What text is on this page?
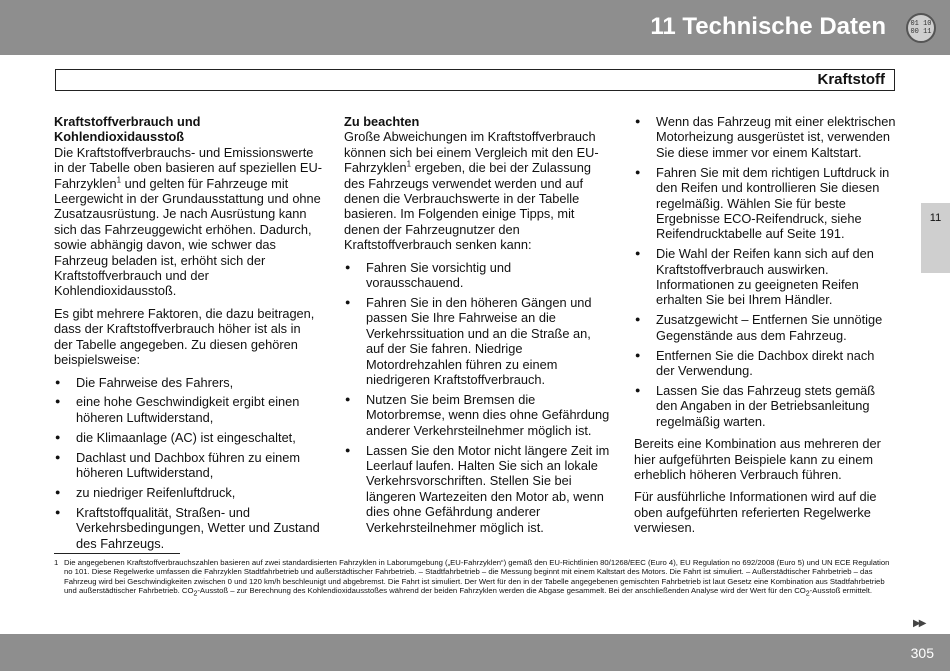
11 Technische Daten	01 10
00 11
Kraftstoff
11
Kraftstoffverbrauch und Kohlendioxidausstoß

Die Kraftstoffverbrauchs- und Emissionswerte in der Tabelle oben basieren auf speziellen EU-Fahrzyklen$^1$ und gelten für Fahrzeuge mit Leergewicht in der Grundausstattung und ohne Zusatzausrüstung. Je nach Ausrüstung kann sich das Fahrzeuggewicht erhöhen. Dadurch, sowie abhängig davon, wie schwer das Fahrzeug beladen ist, erhöht sich der Kraftstoffverbrauch und der Kohlendioxidausstoß.

Es gibt mehrere Faktoren, die dazu beitragen, dass der Kraftstoffverbrauch höher ist als in der Tabelle angegeben. Zu diesen gehören beispielsweise:

● Die Fahrweise des Fahrers,
● eine hohe Geschwindigkeit ergibt einen höheren Luftwiderstand,
● die Klimaanlage (AC) ist eingeschaltet,
● Dachlast und Dachbox führen zu einem höheren Luftwiderstand,
● zu niedriger Reifenluftdruck,
● Kraftstoffqualität, Straßen- und Verkehrsbedingungen, Wetter und Zustand des Fahrzeugs.
Zu beachten

Große Abweichungen im Kraftstoffverbrauch können sich bei einem Vergleich mit den EU-Fahrzyklen$^1$ ergeben, die bei der Zulassung des Fahrzeugs verwendet werden und auf denen die Verbrauchswerte in der Tabelle basieren. Im Folgenden einige Tipps, mit denen der Fahrzeugnutzer den Kraftstoffverbrauch senken kann:

● Fahren Sie vorsichtig und vorausschauend.
● Fahren Sie in den höheren Gängen und passen Sie Ihre Fahrweise an die Verkehrssituation und an die Straße an, auf der Sie fahren. Niedrige Motordrehzahlen führen zu einem niedrigeren Kraftstoffverbrauch.
● Nutzen Sie beim Bremsen die Motorbremse, wenn dies ohne Gefährdung anderer Verkehrsteilnehmer möglich ist.
● Lassen Sie den Motor nicht längere Zeit im Leerlauf laufen. Halten Sie sich an lokale Verkehrsvorschriften. Stellen Sie bei längeren Wartezeiten den Motor ab, wenn dies ohne Gefährdung anderer Verkehrsteilnehmer möglich ist.
● Wenn das Fahrzeug mit einer elektrischen Motorheizung ausgerüstet ist, verwenden Sie diese immer vor einem Kaltstart.
● Fahren Sie mit dem richtigen Luftdruck in den Reifen und kontrollieren Sie diesen regelmäßig. Wählen Sie für beste Ergebnisse ECO-Reifendruck, siehe Reifendrucktabelle auf Seite 191.
● Die Wahl der Reifen kann sich auf den Kraftstoffverbrauch auswirken. Informationen zu geeigneten Reifen erhalten Sie bei Ihrem Händler.
● Zusatzgewicht – Entfernen Sie unnötige Gegenstände aus dem Fahrzeug.
● Entfernen Sie die Dachbox direkt nach der Verwendung.
● Lassen Sie das Fahrzeug stets gemäß den Angaben in der Betriebsanleitung regelmäßig warten.

Bereits eine Kombination aus mehreren der hier aufgeführten Beispiele kann zu einem erheblich höheren Verbrauch führen.

Für ausführliche Informationen wird auf die oben aufgeführten referierten Regelwerke verwiesen.

1 Die angegebenen Kraftstoffverbrauchszahlen basieren auf zwei standardisierten Fahrzyklen in Laborumgebung („EU-Fahrzyklen“) gemäß den EU-Richtlinien 80/1268/EEC (Euro 4), EU Regulation no 692/2008 (Euro 5) und UN ECE Regulation no 101. Diese Regelwerke umfassen die Fahrzyklen Stadtfahrbetrieb und außerstädtischer Fahrbetrieb. – Stadtfahrbetrieb – die Messung beginnt mit einem Kaltstart des Motors. Die Fahrt ist simuliert. – Außerstädtischer Fahrbetrieb – das Fahrzeug wird bei Geschwindigkeiten zwischen 0 und 120 km/h beschleunigt und abgebremst. Die Fahrt ist simuliert. Der Wert für den in der Tabelle angegebenen gemischten Fahrbetrieb ist laut Gesetz eine Kombination aus Stadtfahrbetrieb und außerstädtischer Fahrbetrieb. $CO_2$-Ausstoß – zur Berechnung des Kohlendioxidausstoßes während der beiden Fahrzyklen werden die Abgase gesammelt. Bei der anschließenden Analyse wird der Wert für den $CO_2$-Ausstoß ermittelt.
▶▶
305
